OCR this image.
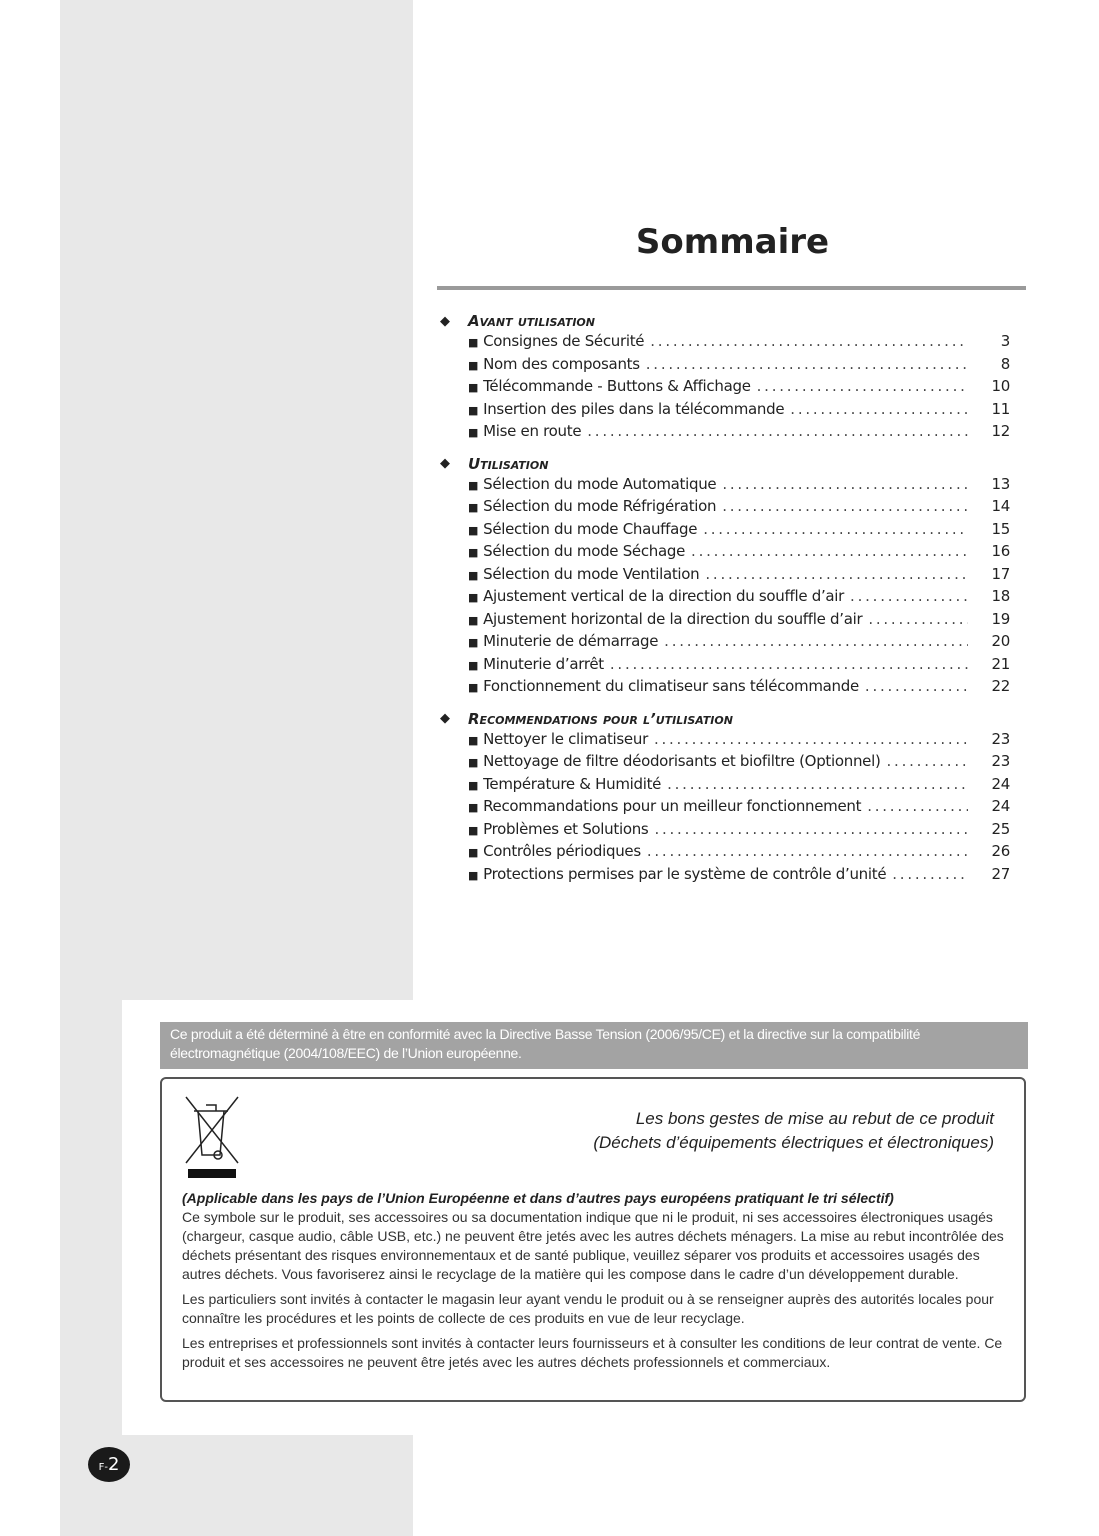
Sommaire
◆	Avant utilisation
■ Consignes de Sécurité . . .	3
■ Nom des composants . . .	8
■ Télécommande - Buttons & Affichage . . .	10
■ Insertion des piles dans la télécommande . . .	11
■ Mise en route . . .	12
◆	Utilisation
■ Sélection du mode Automatique . . .	13
■ Sélection du mode Réfrigération . . .	14
■ Sélection du mode Chauffage . . .	15
■ Sélection du mode Séchage . . .	16
■ Sélection du mode Ventilation . . .	17
■ Ajustement vertical de la direction du souffle d’air . . .	18
■ Ajustement horizontal de la direction du souffle d’air . . .	19
■ Minuterie de démarrage . . .	20
■ Minuterie d’arrêt . . .	21
■ Fonctionnement du climatiseur sans télécommande . . .	22
◆	Recommendations pour l’utilisation
■ Nettoyer le climatiseur . . .	23
■ Nettoyage de filtre déodorisants et biofiltre (Optionnel) . . .	23
■ Température & Humidité . . .	24
■ Recommandations pour un meilleur fonctionnement . . .	24
■ Problèmes et Solutions . . .	25
■ Contrôles périodiques . . .	26
■ Protections permises par le système de contrôle d’unité . . .	27
Ce produit a été déterminé à être en conformité avec la Directive Basse Tension (2006/95/CE) et la directive sur la compatibilité électromagnétique (2004/108/EEC) de l’Union européenne.
Les bons gestes de mise au rebut de ce produit
(Déchets d’équipements électriques et électroniques)
(Applicable dans les pays de l’Union Européenne et dans d’autres pays européens pratiquant le tri sélectif)

Ce symbole sur le produit, ses accessoires ou sa documentation indique que ni le produit, ni ses accessoires électroniques usagés (chargeur, casque audio, câble USB, etc.) ne peuvent être jetés avec les autres déchets ménagers. La mise au rebut incontrôlée des déchets présentant des risques environnementaux et de santé publique, veuillez séparer vos produits et accessoires usagés des autres déchets. Vous favoriserez ainsi le recyclage de la matière qui les compose dans le cadre d’un développement durable.

Les particuliers sont invités à contacter le magasin leur ayant vendu le produit ou à se renseigner auprès des autorités locales pour connaître les procédures et les points de collecte de ces produits en vue de leur recyclage.

Les entreprises et professionnels sont invités à contacter leurs fournisseurs et à consulter les conditions de leur contrat de vente. Ce produit et ses accessoires ne peuvent être jetés avec les autres déchets professionnels et commerciaux.

F-2
